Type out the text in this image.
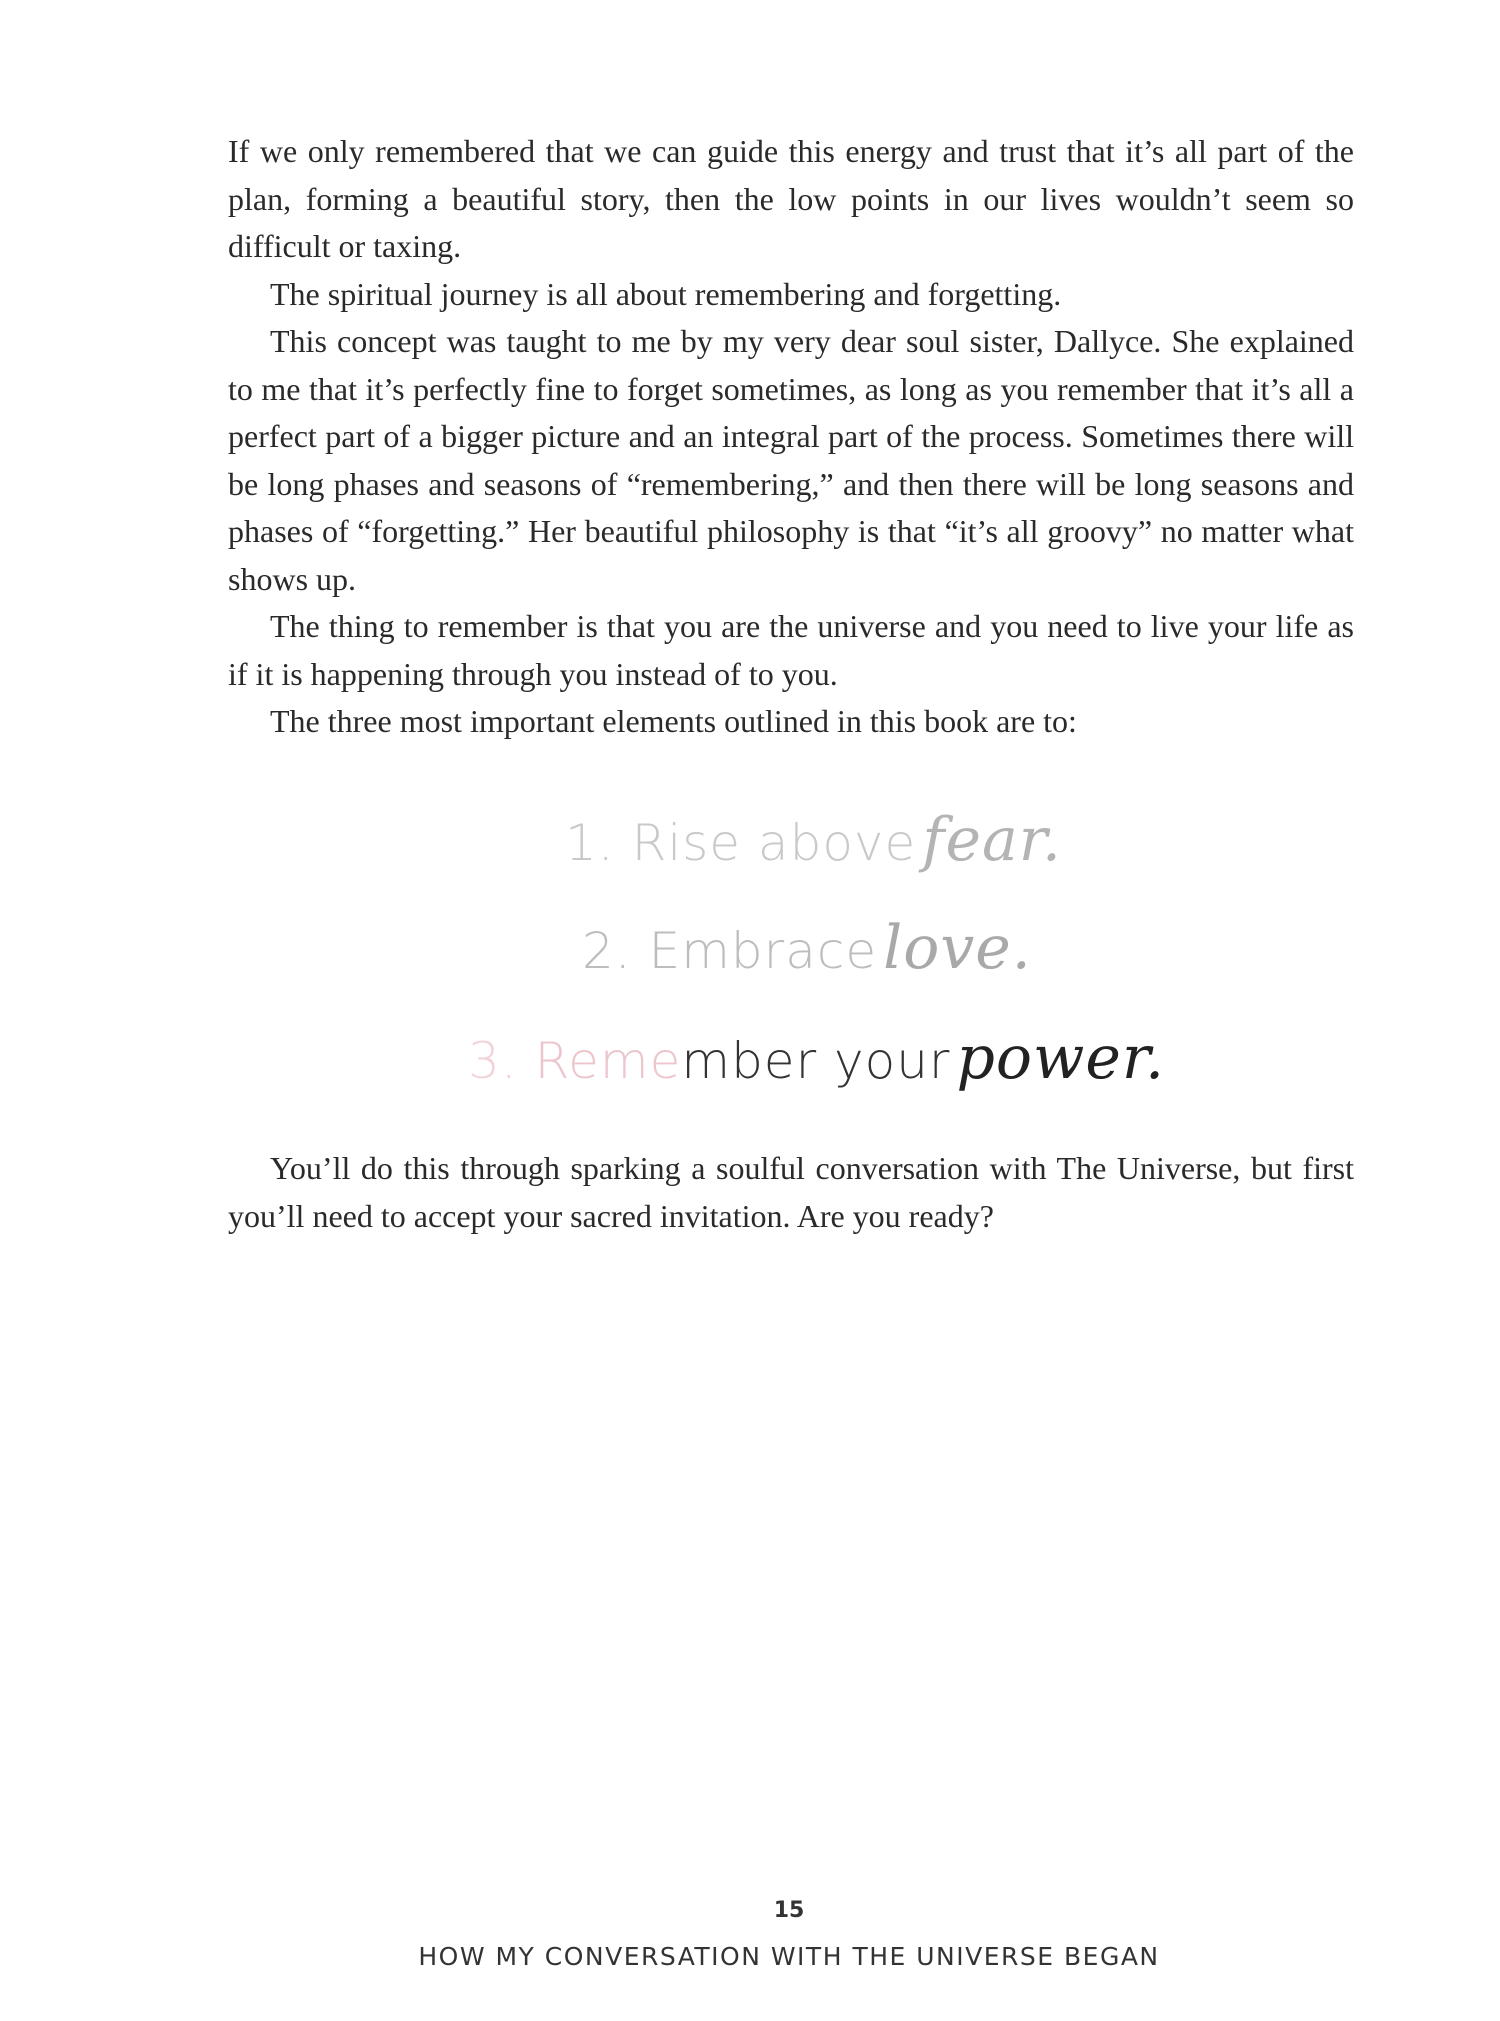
If we only remembered that we can guide this energy and trust that it’s all part of the plan, forming a beautiful story, then the low points in our lives wouldn’t seem so difficult or taxing.

The spiritual journey is all about remembering and forgetting.

This concept was taught to me by my very dear soul sister, Dallyce. She explained to me that it’s perfectly fine to forget sometimes, as long as you remember that it’s all a perfect part of a bigger picture and an integral part of the process. Sometimes there will be long phases and seasons of “remembering,” and then there will be long seasons and phases of “forgetting.” Her beautiful philosophy is that “it’s all groovy” no matter what shows up.

The thing to remember is that you are the universe and you need to live your life as if it is happening through you instead of to you.

The three most important elements outlined in this book are to:

1. Rise above fear.
2. Embrace love.
3. Remember your power.

You’ll do this through sparking a soulful conversation with The Universe, but first you’ll need to accept your sacred invitation. Are you ready?

15
HOW MY CONVERSATION WITH THE UNIVERSE BEGAN
